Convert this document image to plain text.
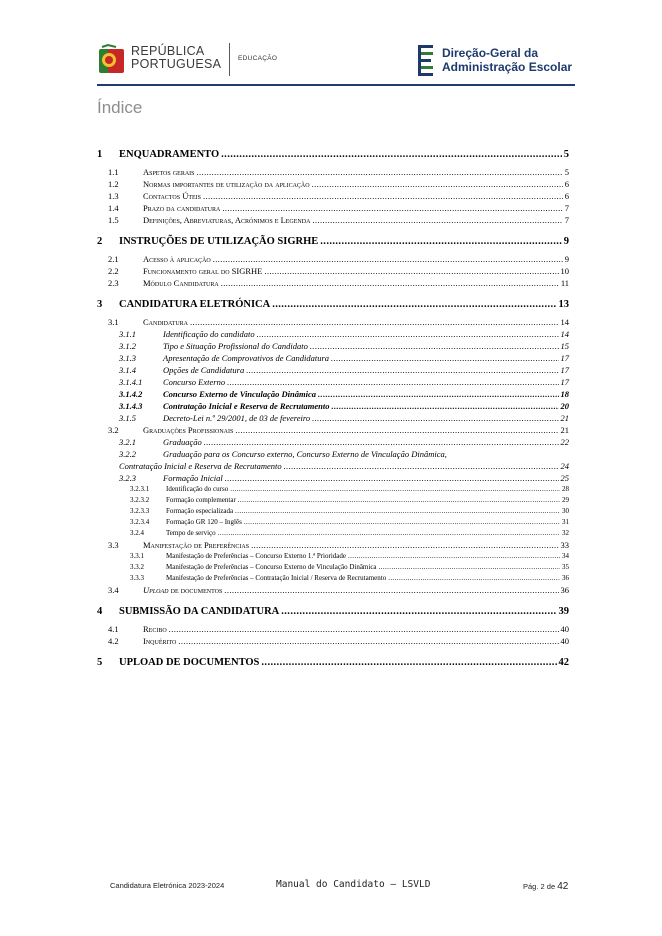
REPÚBLICA
PORTUGUESA	EDUCAÇÃO	Direção-Geral da
Administração Escolar
Índice
1	ENQUADRAMENTO .....	5
1.1	Aspetos gerais .....	5
1.2	Normas importantes de utilização da aplicação .....	6
1.3	Contactos Úteis .....	6
1.4	Prazo da candidatura .....	7
1.5	Definições, Abreviaturas, Acrónimos e Legenda .....	7
2	INSTRUÇÕES DE UTILIZAÇÃO SIGRHE .....	9
2.1	Acesso à aplicação .....	9
2.2	Funcionamento geral do SIGRHE .....	10
2.3	Módulo Candidatura .....	11
3	CANDIDATURA ELETRÓNICA .....	13
3.1	Candidatura .....	14
3.1.1	Identificação do candidato .....	14
3.1.2	Tipo e Situação Profissional do Candidato .....	15
3.1.3	Apresentação de Comprovativos de Candidatura .....	17
3.1.4	Opções de Candidatura .....	17
3.1.4.1	Concurso Externo .....	17
3.1.4.2	Concurso Externo de Vinculação Dinâmica .....	18
3.1.4.3	Contratação Inicial e Reserva de Recrutamento .....	20
3.1.5	Decreto-Lei n.º 29/2001, de 03 de fevereiro .....	21
3.2	Graduações Profissionais .....	21
3.2.1	Graduação .....	22
3.2.2	Graduação para os Concurso externo, Concurso Externo de Vinculação Dinâmica,
Contratação Inicial e Reserva de Recrutamento .....	24
3.2.3	Formação Inicial .....	25
3.2.3.1	Identificação do curso .....	28
3.2.3.2	Formação complementar .....	29
3.2.3.3	Formação especializada .....	30
3.2.3.4	Formação GR 120 – Inglês .....	31
3.2.4	Tempo de serviço .....	32
3.3	Manifestação de Preferências .....	33
3.3.1	Manifestação de Preferências – Concurso Externo 1.ª Prioridade .....	34
3.3.2	Manifestação de Preferências – Concurso Externo de Vinculação Dinâmica .....	35
3.3.3	Manifestação de Preferências – Contratação Inicial / Reserva de Recrutamento .....	36
3.4	Upload de documentos .....	36
4	SUBMISSÃO DA CANDIDATURA .....	39
4.1	Recibo .....	40
4.2	Inquérito .....	40
5	UPLOAD DE DOCUMENTOS .....	42
Candidatura Eletrónica 2023-2024	Manual do Candidato – LSVLD	Pág. 2 de 42
